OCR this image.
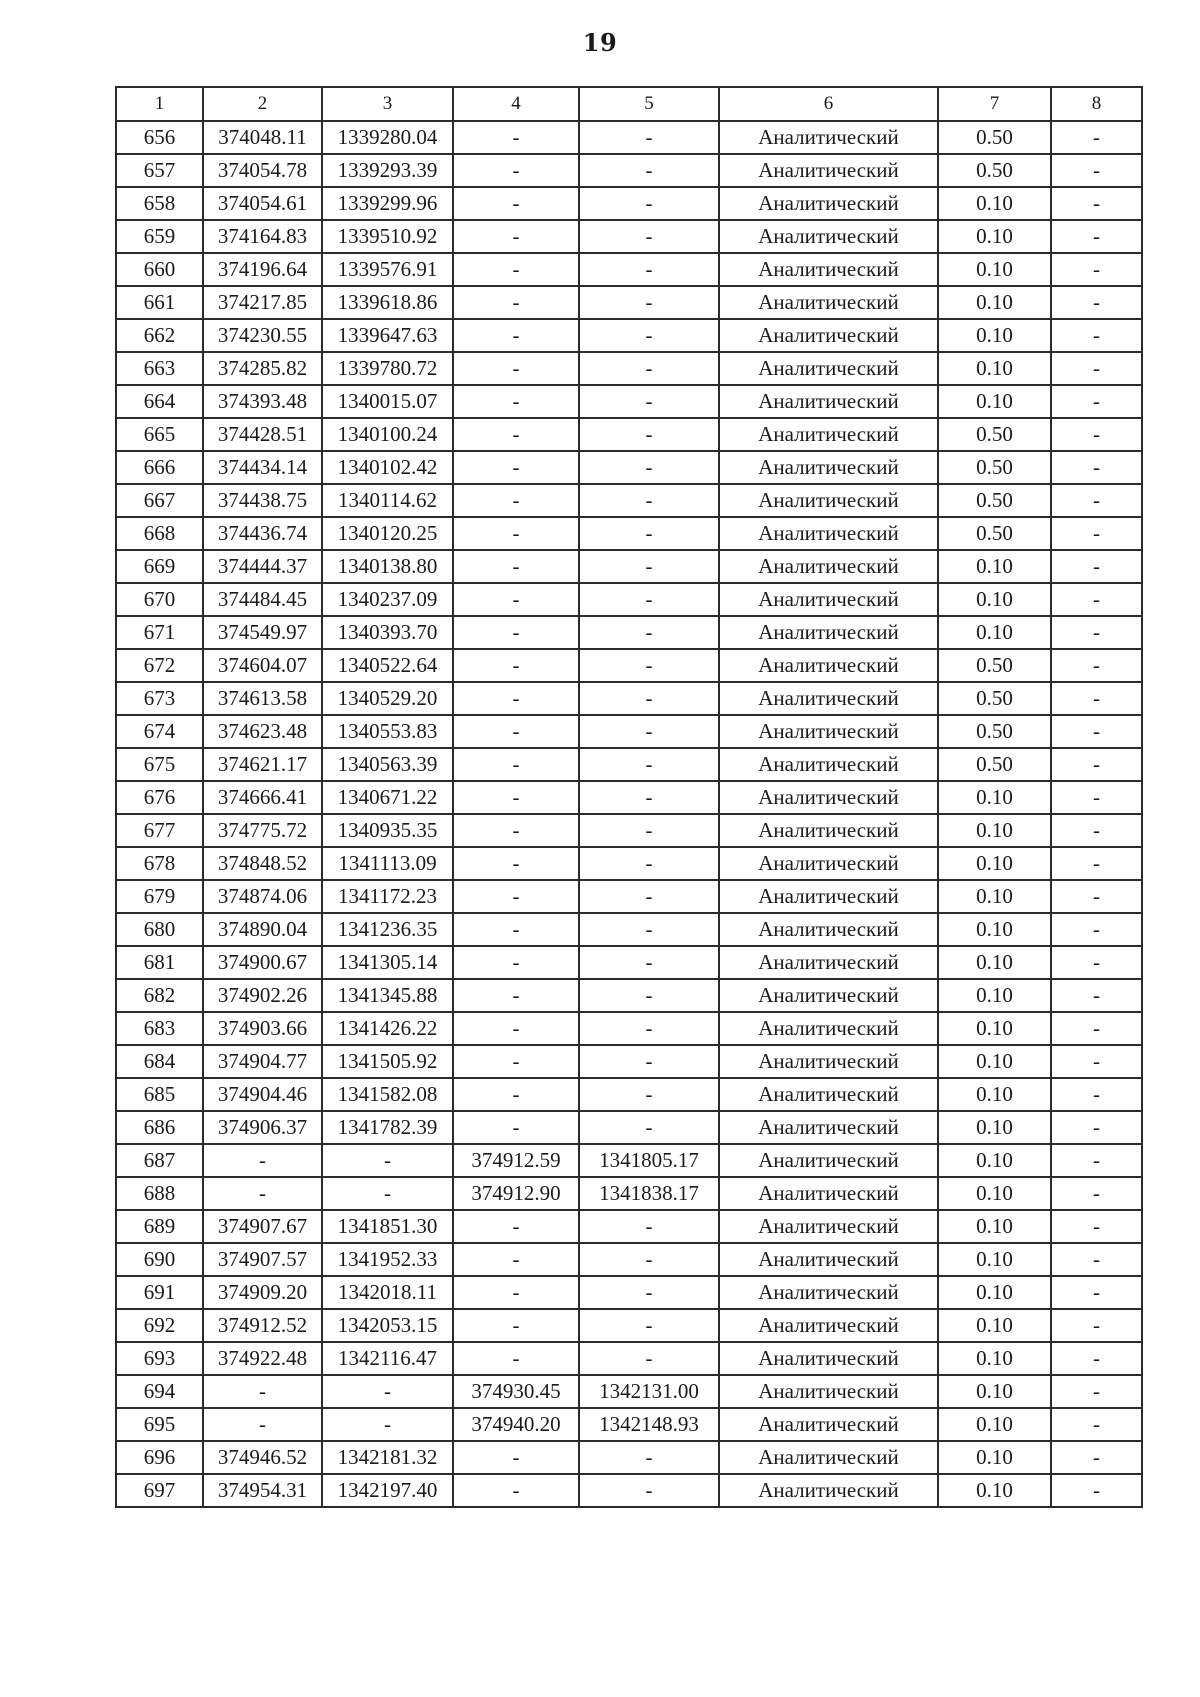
19
1	2	3	4	5	6	7	8
656	374048.11	1339280.04	-	-	Аналитический	0.50	-
657	374054.78	1339293.39	-	-	Аналитический	0.50	-
658	374054.61	1339299.96	-	-	Аналитический	0.10	-
659	374164.83	1339510.92	-	-	Аналитический	0.10	-
660	374196.64	1339576.91	-	-	Аналитический	0.10	-
661	374217.85	1339618.86	-	-	Аналитический	0.10	-
662	374230.55	1339647.63	-	-	Аналитический	0.10	-
663	374285.82	1339780.72	-	-	Аналитический	0.10	-
664	374393.48	1340015.07	-	-	Аналитический	0.10	-
665	374428.51	1340100.24	-	-	Аналитический	0.50	-
666	374434.14	1340102.42	-	-	Аналитический	0.50	-
667	374438.75	1340114.62	-	-	Аналитический	0.50	-
668	374436.74	1340120.25	-	-	Аналитический	0.50	-
669	374444.37	1340138.80	-	-	Аналитический	0.10	-
670	374484.45	1340237.09	-	-	Аналитический	0.10	-
671	374549.97	1340393.70	-	-	Аналитический	0.10	-
672	374604.07	1340522.64	-	-	Аналитический	0.50	-
673	374613.58	1340529.20	-	-	Аналитический	0.50	-
674	374623.48	1340553.83	-	-	Аналитический	0.50	-
675	374621.17	1340563.39	-	-	Аналитический	0.50	-
676	374666.41	1340671.22	-	-	Аналитический	0.10	-
677	374775.72	1340935.35	-	-	Аналитический	0.10	-
678	374848.52	1341113.09	-	-	Аналитический	0.10	-
679	374874.06	1341172.23	-	-	Аналитический	0.10	-
680	374890.04	1341236.35	-	-	Аналитический	0.10	-
681	374900.67	1341305.14	-	-	Аналитический	0.10	-
682	374902.26	1341345.88	-	-	Аналитический	0.10	-
683	374903.66	1341426.22	-	-	Аналитический	0.10	-
684	374904.77	1341505.92	-	-	Аналитический	0.10	-
685	374904.46	1341582.08	-	-	Аналитический	0.10	-
686	374906.37	1341782.39	-	-	Аналитический	0.10	-
687	-	-	374912.59	1341805.17	Аналитический	0.10	-
688	-	-	374912.90	1341838.17	Аналитический	0.10	-
689	374907.67	1341851.30	-	-	Аналитический	0.10	-
690	374907.57	1341952.33	-	-	Аналитический	0.10	-
691	374909.20	1342018.11	-	-	Аналитический	0.10	-
692	374912.52	1342053.15	-	-	Аналитический	0.10	-
693	374922.48	1342116.47	-	-	Аналитический	0.10	-
694	-	-	374930.45	1342131.00	Аналитический	0.10	-
695	-	-	374940.20	1342148.93	Аналитический	0.10	-
696	374946.52	1342181.32	-	-	Аналитический	0.10	-
697	374954.31	1342197.40	-	-	Аналитический	0.10	-
